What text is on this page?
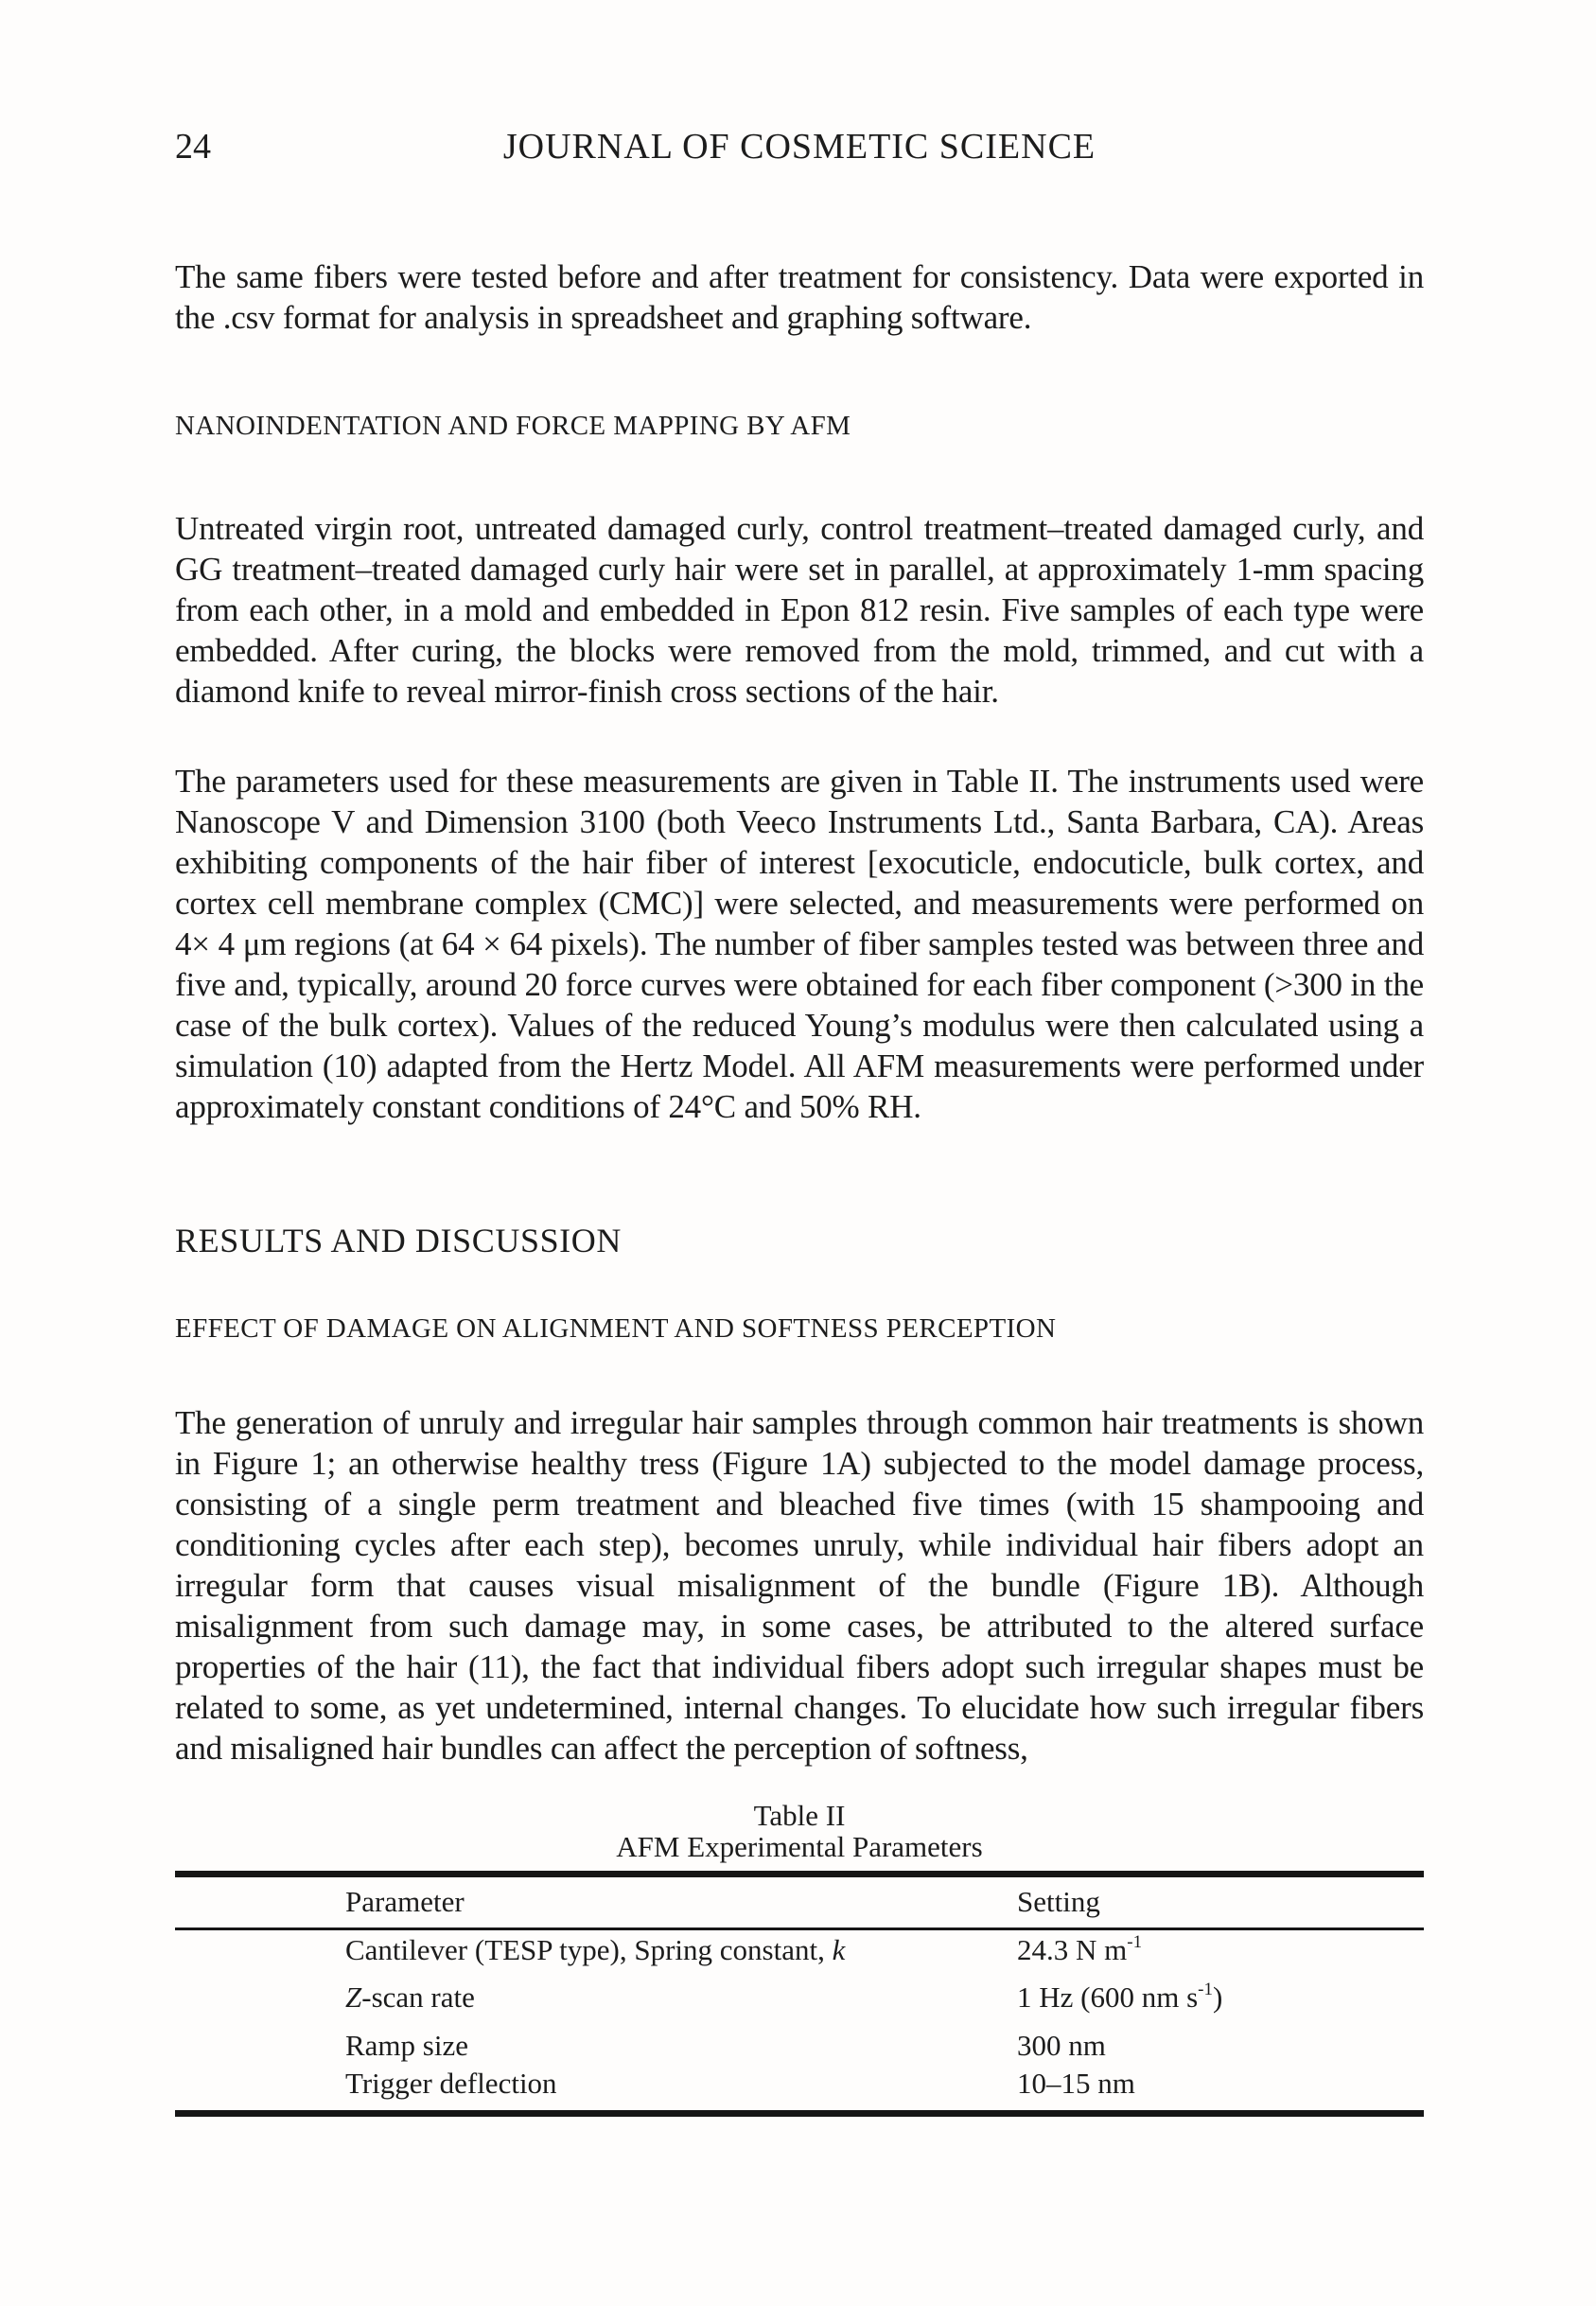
24	JOURNAL OF COSMETIC SCIENCE

The same fibers were tested before and after treatment for consistency. Data were exported in the .csv format for analysis in spreadsheet and graphing software.

NANOINDENTATION AND FORCE MAPPING BY AFM

Untreated virgin root, untreated damaged curly, control treatment–treated damaged curly, and GG treatment–treated damaged curly hair were set in parallel, at approximately 1-mm spacing from each other, in a mold and embedded in Epon 812 resin. Five samples of each type were embedded. After curing, the blocks were removed from the mold, trimmed, and cut with a diamond knife to reveal mirror-finish cross sections of the hair.

The parameters used for these measurements are given in Table II. The instruments used were Nanoscope V and Dimension 3100 (both Veeco Instruments Ltd., Santa Barbara, CA). Areas exhibiting components of the hair fiber of interest [exocuticle, endocuticle, bulk cortex, and cortex cell membrane complex (CMC)] were selected, and measurements were performed on 4× 4 μm regions (at 64 × 64 pixels). The number of fiber samples tested was between three and five and, typically, around 20 force curves were obtained for each fiber component (>300 in the case of the bulk cortex). Values of the reduced Young’s modulus were then calculated using a simulation (10) adapted from the Hertz Model. All AFM measurements were performed under approximately constant conditions of 24°C and 50% RH.

RESULTS AND DISCUSSION
EFFECT OF DAMAGE ON ALIGNMENT AND SOFTNESS PERCEPTION

The generation of unruly and irregular hair samples through common hair treatments is shown in Figure 1; an otherwise healthy tress (Figure 1A) subjected to the model damage process, consisting of a single perm treatment and bleached five times (with 15 shampooing and conditioning cycles after each step), becomes unruly, while individual hair fibers adopt an irregular form that causes visual misalignment of the bundle (Figure 1B). Although misalignment from such damage may, in some cases, be attributed to the altered surface properties of the hair (11), the fact that individual fibers adopt such irregular shapes must be related to some, as yet undetermined, internal changes. To elucidate how such irregular fibers and misaligned hair bundles can affect the perception of softness,

Table II
AFM Experimental Parameters
Parameter	Setting
Cantilever (TESP type), Spring constant, k	24.3 N m-1
Z-scan rate	1 Hz (600 nm s-1)
Ramp size	300 nm
Trigger deflection	10–15 nm
